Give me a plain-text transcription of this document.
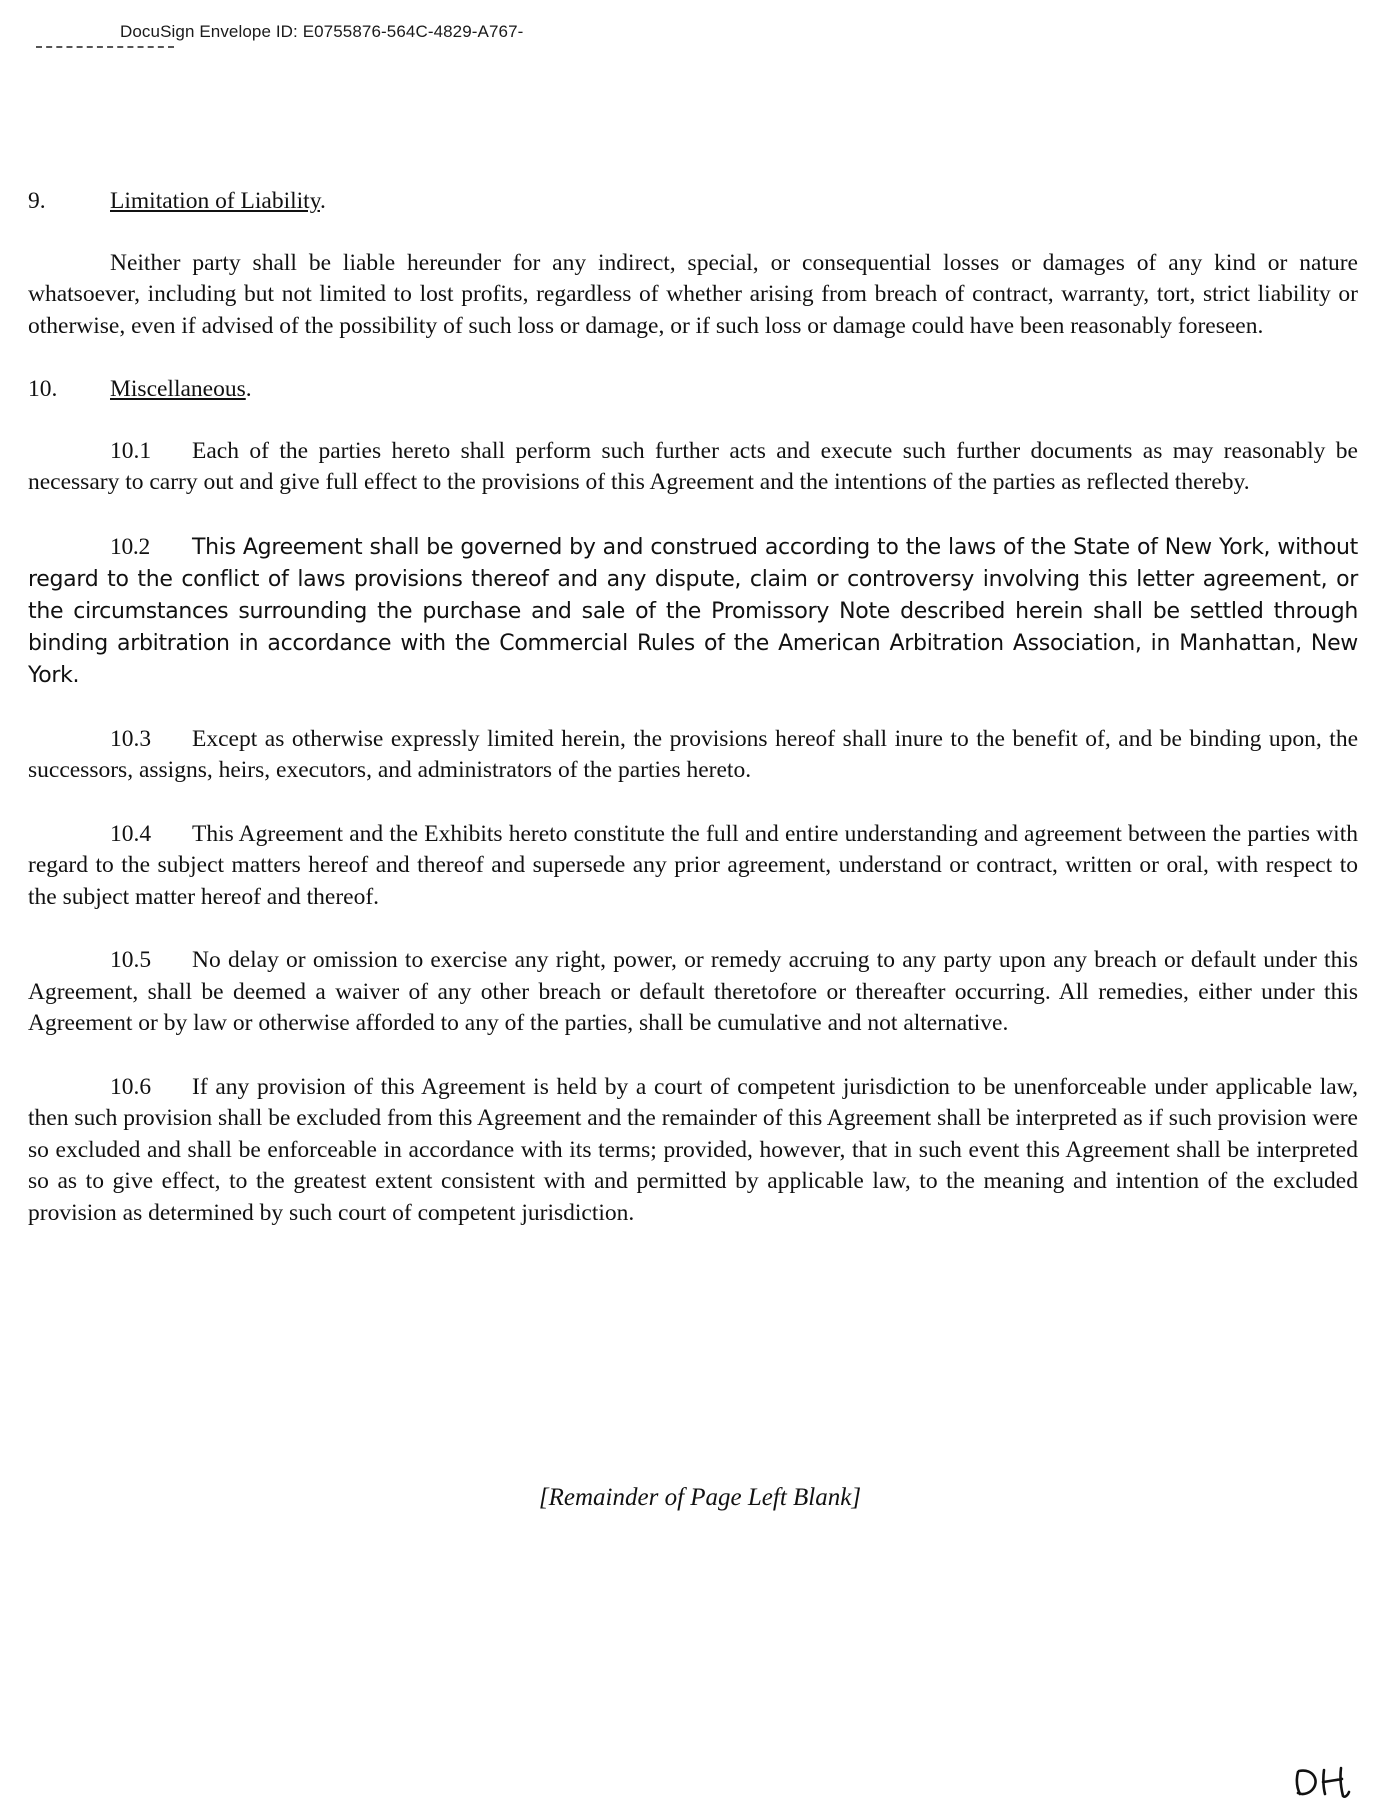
DocuSign Envelope ID: E0755876-564C-4829-A767-
9.	Limitation of Liability.

Neither party shall be liable hereunder for any indirect, special, or consequential losses or damages of any kind or nature whatsoever, including but not limited to lost profits, regardless of whether arising from breach of contract, warranty, tort, strict liability or otherwise, even if advised of the possibility of such loss or damage, or if such loss or damage could have been reasonably foreseen.

10.	Miscellaneous.

10.1 Each of the parties hereto shall perform such further acts and execute such further documents as may reasonably be necessary to carry out and give full effect to the provisions of this Agreement and the intentions of the parties as reflected thereby.

10.2 This Agreement shall be governed by and construed according to the laws of the State of New York, without regard to the conflict of laws provisions thereof and any dispute, claim or controversy involving this letter agreement, or the circumstances surrounding the purchase and sale of the Promissory Note described herein shall be settled through binding arbitration in accordance with the Commercial Rules of the American Arbitration Association, in Manhattan, New York.

10.3 Except as otherwise expressly limited herein, the provisions hereof shall inure to the benefit of, and be binding upon, the successors, assigns, heirs, executors, and administrators of the parties hereto.

10.4 This Agreement and the Exhibits hereto constitute the full and entire understanding and agreement between the parties with regard to the subject matters hereof and thereof and supersede any prior agreement, understand or contract, written or oral, with respect to the subject matter hereof and thereof.

10.5 No delay or omission to exercise any right, power, or remedy accruing to any party upon any breach or default under this Agreement, shall be deemed a waiver of any other breach or default theretofore or thereafter occurring. All remedies, either under this Agreement or by law or otherwise afforded to any of the parties, shall be cumulative and not alternative.

10.6 If any provision of this Agreement is held by a court of competent jurisdiction to be unenforceable under applicable law, then such provision shall be excluded from this Agreement and the remainder of this Agreement shall be interpreted as if such provision were so excluded and shall be enforceable in accordance with its terms; provided, however, that in such event this Agreement shall be interpreted so as to give effect, to the greatest extent consistent with and permitted by applicable law, to the meaning and intention of the excluded provision as determined by such court of competent jurisdiction.

[Remainder of Page Left Blank]
